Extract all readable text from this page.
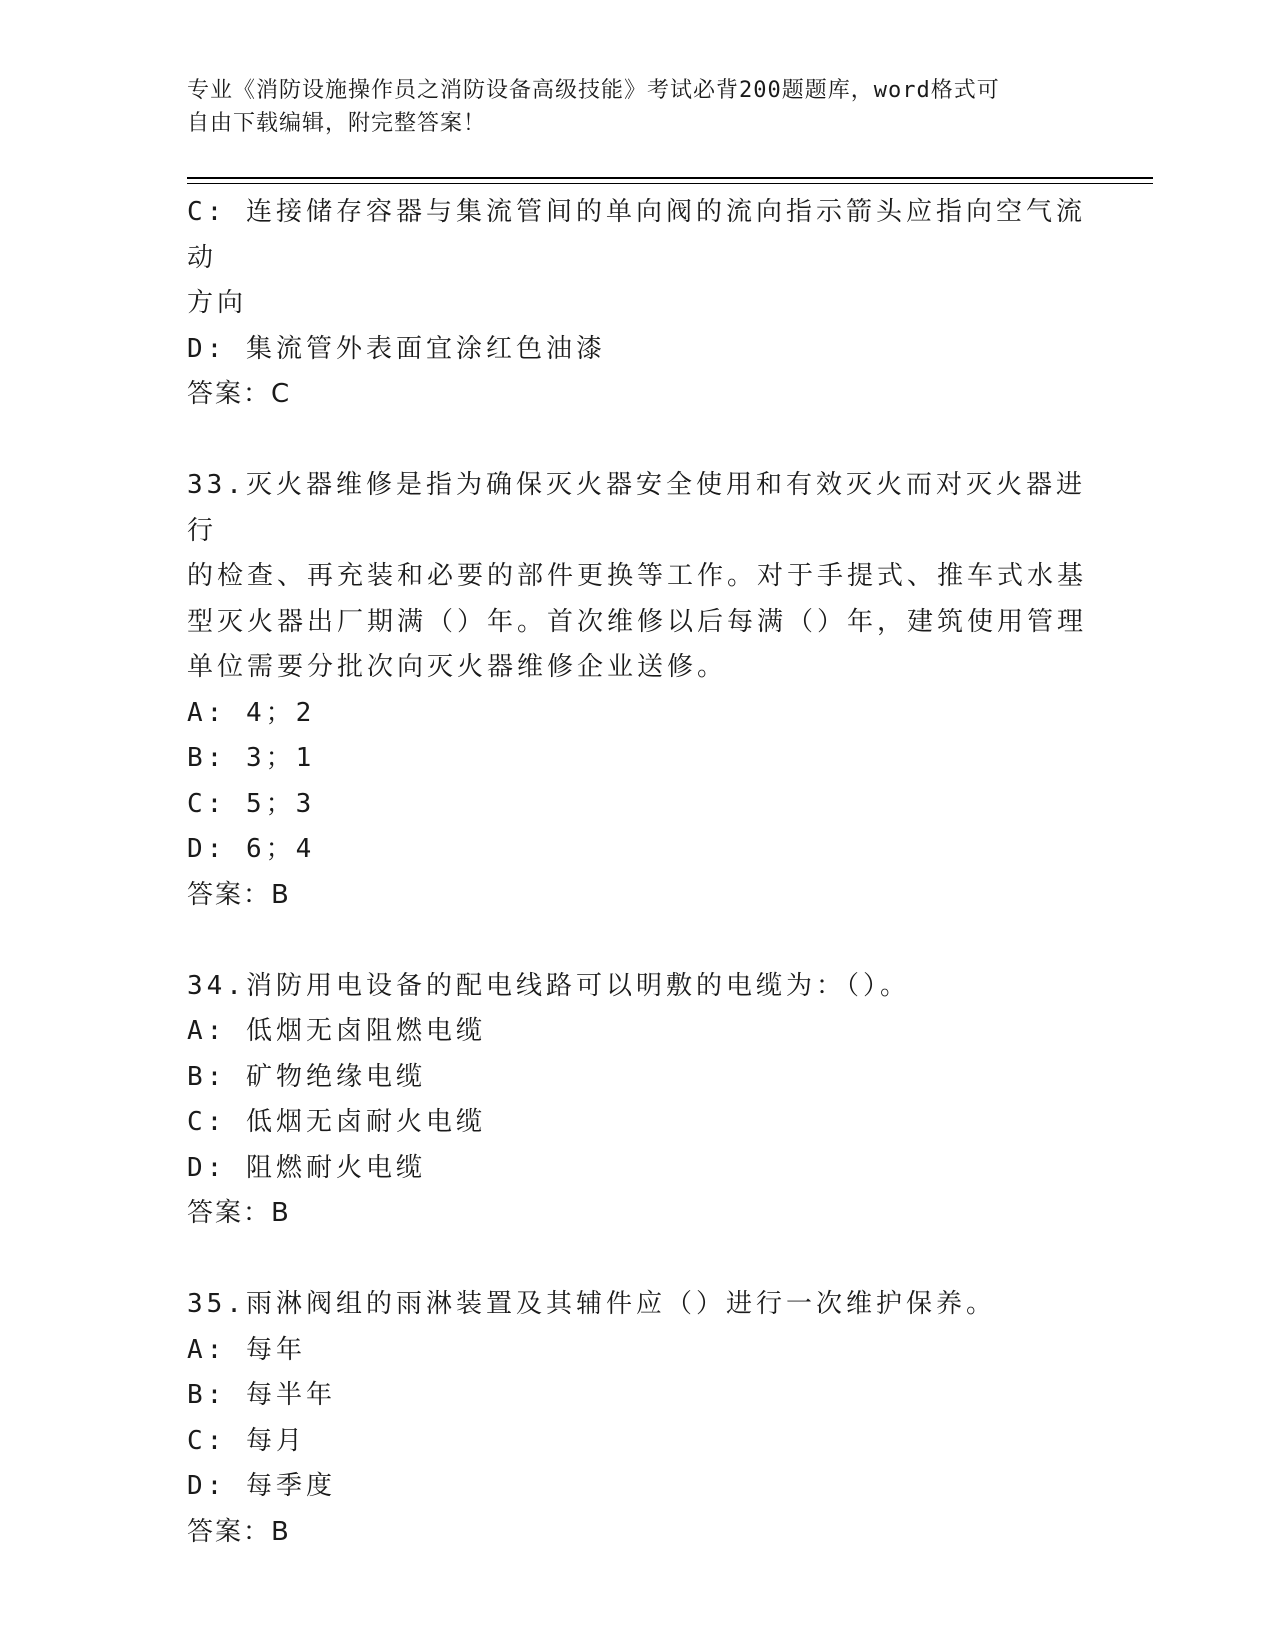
专业《消防设施操作员之消防设备高级技能》考试必背200题题库，word格式可
自由下载编辑，附完整答案！

C: 连接储存容器与集流管间的单向阀的流向指示箭头应指向空气流动

方向

D: 集流管外表面宜涂红色油漆

答案：C

33.灭火器维修是指为确保灭火器安全使用和有效灭火而对灭火器进行

的检查、再充装和必要的部件更换等工作。对于手提式、推车式水基

型灭火器出厂期满（）年。首次维修以后每满（）年，建筑使用管理

单位需要分批次向灭火器维修企业送修。

A: 4；2

B: 3；1

C: 5；3

D: 6；4

答案：B

34.消防用电设备的配电线路可以明敷的电缆为：（）。

A: 低烟无卤阻燃电缆

B: 矿物绝缘电缆

C: 低烟无卤耐火电缆

D: 阻燃耐火电缆

答案：B

35.雨淋阀组的雨淋装置及其辅件应（）进行一次维护保养。

A: 每年

B: 每半年

C: 每月

D: 每季度

答案：B
